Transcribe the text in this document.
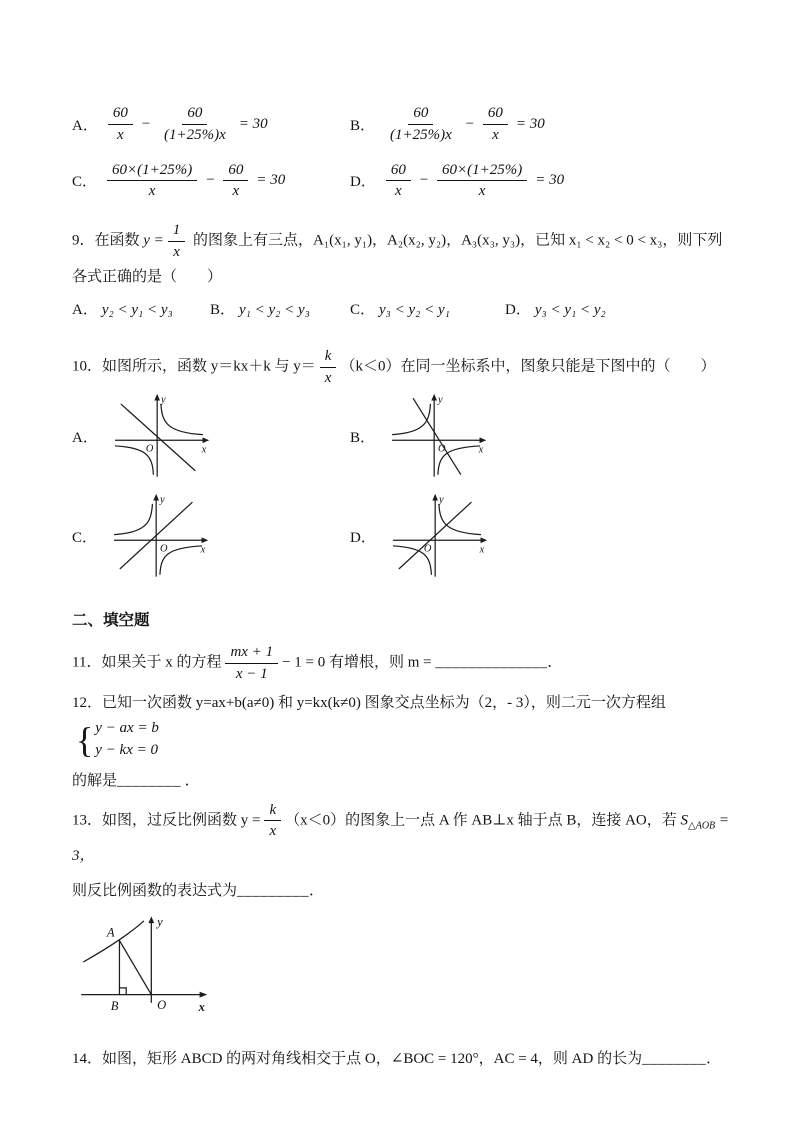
A． $\frac{60}{x} - \frac{60}{(1+25\%)x} = 30$	B． $\frac{60}{(1+25\%)x} - \frac{60}{x} = 30$
C． $\frac{60\times(1+25\%)}{x} - \frac{60}{x} = 30$	D． $\frac{60}{x} - \frac{60\times(1+25\%)}{x} = 30$
9．在函数 $y = \frac{1}{x}$ 的图象上有三点，A₁(x₁, y₁)，A₂(x₂, y₂)，A₃(x₃, y₃)，已知 x₁ < x₂ < 0 < x₃，则下列各式正确的是（　　）
A． y₂ < y₁ < y₃ B． y₁ < y₂ < y₃	C． y₃ < y₂ < y₁	D． y₃ < y₁ < y₂
10．如图所示，函数 y＝kx＋k 与 $y= \frac{k}{x} (k<0)$在同一坐标系中，图象只能是下图中的（　　）
A．
y
x
O
B．
y
x
O
C．
y
x
O
D．
y
x
O
二、填空题
11．如果关于 x 的方程 $\frac{mx + 1}{x - 1} - 1 = 0$ 有增根，则 m = ______________．
12．已知一次函数 y=ax+b(a≠0) 和 y=kx(k≠0) 图象交点坐标为（2，- 3），则二元一次方程组
{ y − ax = b
y − kx = 0
的解是________ ．
13．如图，过反比例函数 $y = \frac{k}{x} (x<0)$的图象上一点 A 作 AB⊥x 轴于点 B，连接 AO，若 $S_{\triangle AOB} = 3$，
则反比例函数的表达式为_________．
y
x
O
A
B
14．如图，矩形 ABCD 的两对角线相交于点 O，∠BOC = 120°，AC = 4，则 AD 的长为________．
